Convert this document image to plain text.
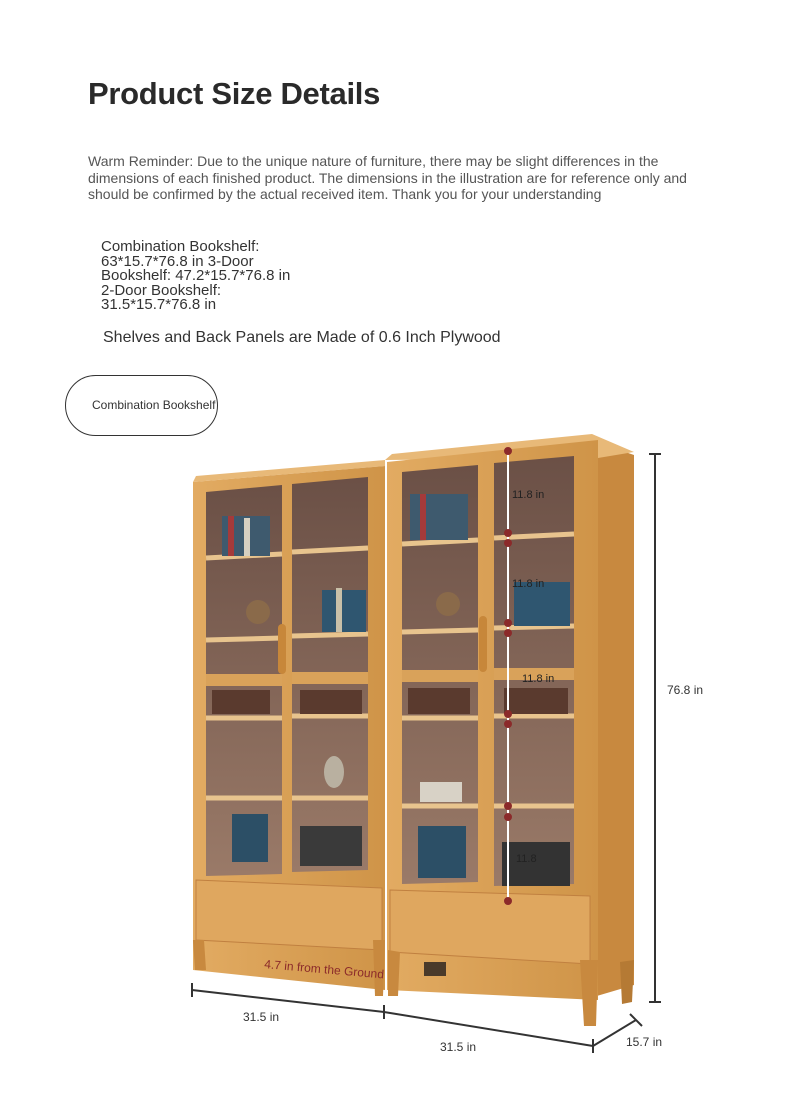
Product Size Details
Warm Reminder: Due to the unique nature of furniture, there may be slight differences in the dimensions of each finished product. The dimensions in the illustration are for reference only and should be confirmed by the actual received item. Thank you for your understanding
Combination Bookshelf:
63*15.7*76.8 in 3-Door
Bookshelf: 47.2*15.7*76.8 in
2-Door Bookshelf:
31.5*15.7*76.8 in
Shelves and Back Panels are Made of 0.6 Inch Plywood
Combination Bookshelf
11.8 in
11.8 in
11.8 in
11.8
76.8 in
31.5 in
31.5 in	15.7 in
4.7 in from the Ground
